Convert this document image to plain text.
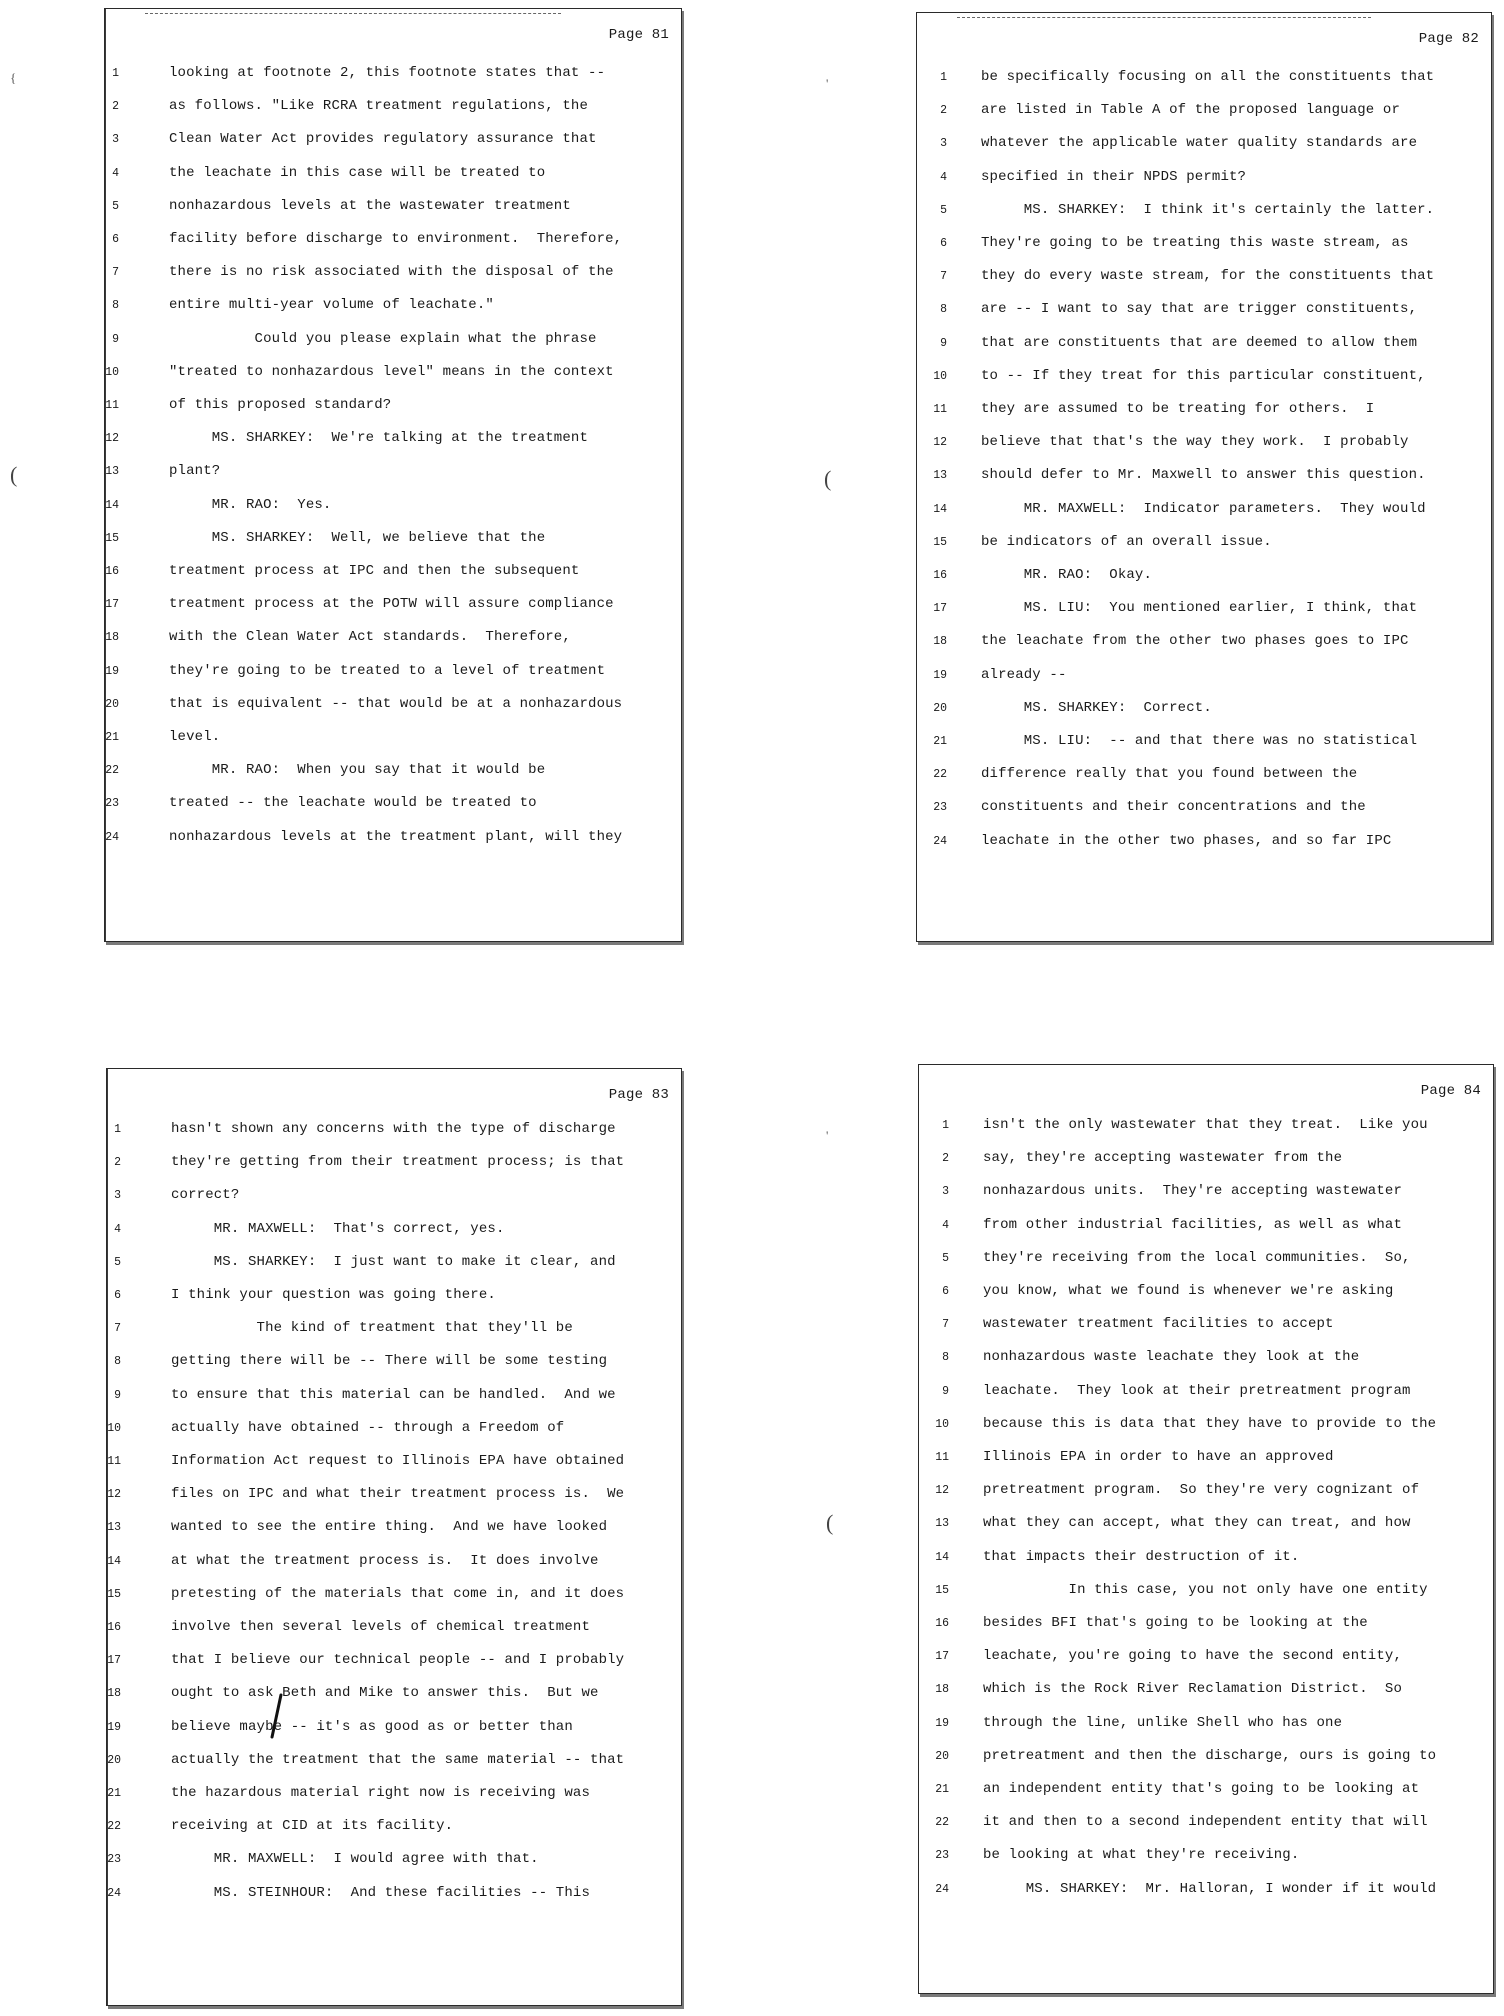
{
(
'
(
'
(
Page 81
1	looking at footnote 2, this footnote states that --
2	as follows. "Like RCRA treatment regulations, the
3	Clean Water Act provides regulatory assurance that
4	the leachate in this case will be treated to
5	nonhazardous levels at the wastewater treatment
6	facility before discharge to environment.  Therefore,
7	there is no risk associated with the disposal of the
8	entire multi-year volume of leachate."
9	Could you please explain what the phrase
10	"treated to nonhazardous level" means in the context
11	of this proposed standard?
12	MS. SHARKEY:  We're talking at the treatment
13	plant?
14	MR. RAO:  Yes.
15	MS. SHARKEY:  Well, we believe that the
16	treatment process at IPC and then the subsequent
17	treatment process at the POTW will assure compliance
18	with the Clean Water Act standards.  Therefore,
19	they're going to be treated to a level of treatment
20	that is equivalent -- that would be at a nonhazardous
21	level.
22	MR. RAO:  When you say that it would be
23	treated -- the leachate would be treated to
24	nonhazardous levels at the treatment plant, will they
Page 82
1 be specifically focusing on all the constituents that
2 are listed in Table A of the proposed language or
3 whatever the applicable water quality standards are
4 specified in their NPDS permit?
5 MS. SHARKEY:  I think it's certainly the latter.
6 They're going to be treating this waste stream, as
7 they do every waste stream, for the constituents that
8 are -- I want to say that are trigger constituents,
9 that are constituents that are deemed to allow them
10 to -- If they treat for this particular constituent,
11 they are assumed to be treating for others.  I
12 believe that that's the way they work.  I probably
13 should defer to Mr. Maxwell to answer this question.
14 MR. MAXWELL:  Indicator parameters.  They would
15 be indicators of an overall issue.
16 MR. RAO:  Okay.
17 MS. LIU:  You mentioned earlier, I think, that
18 the leachate from the other two phases goes to IPC
19 already --
20 MS. SHARKEY:  Correct.
21 MS. LIU:  -- and that there was no statistical
22 difference really that you found between the
23 constituents and their concentrations and the
24 leachate in the other two phases, and so far IPC
Page 83
1	hasn't shown any concerns with the type of discharge
2	they're getting from their treatment process; is that
3	correct?
4	MR. MAXWELL:  That's correct, yes.
5	MS. SHARKEY:  I just want to make it clear, and
6	I think your question was going there.
7	The kind of treatment that they'll be
8	getting there will be -- There will be some testing
9	to ensure that this material can be handled.  And we
10	actually have obtained -- through a Freedom of
11	Information Act request to Illinois EPA have obtained
12	files on IPC and what their treatment process is.  We
13	wanted to see the entire thing.  And we have looked
14	at what the treatment process is.  It does involve
15	pretesting of the materials that come in, and it does
16	involve then several levels of chemical treatment
17	that I believe our technical people -- and I probably
18	ought to ask Beth and Mike to answer this.  But we
19	believe maybe -- it's as good as or better than
20	actually the treatment that the same material -- that
21	the hazardous material right now is receiving was
22	receiving at CID at its facility.
23	MR. MAXWELL:  I would agree with that.
24	MS. STEINHOUR:  And these facilities -- This
Page 84
1 isn't the only wastewater that they treat.  Like you
2 say, they're accepting wastewater from the
3 nonhazardous units.  They're accepting wastewater
4 from other industrial facilities, as well as what
5 they're receiving from the local communities.  So,
6 you know, what we found is whenever we're asking
7 wastewater treatment facilities to accept
8 nonhazardous waste leachate they look at the
9 leachate.  They look at their pretreatment program
10 because this is data that they have to provide to the
11 Illinois EPA in order to have an approved
12 pretreatment program.  So they're very cognizant of
13 what they can accept, what they can treat, and how
14 that impacts their destruction of it.
15 In this case, you not only have one entity
16 besides BFI that's going to be looking at the
17 leachate, you're going to have the second entity,
18 which is the Rock River Reclamation District.  So
19 through the line, unlike Shell who has one
20 pretreatment and then the discharge, ours is going to
21 an independent entity that's going to be looking at
22 it and then to a second independent entity that will
23 be looking at what they're receiving.
24 MS. SHARKEY:  Mr. Halloran, I wonder if it would
